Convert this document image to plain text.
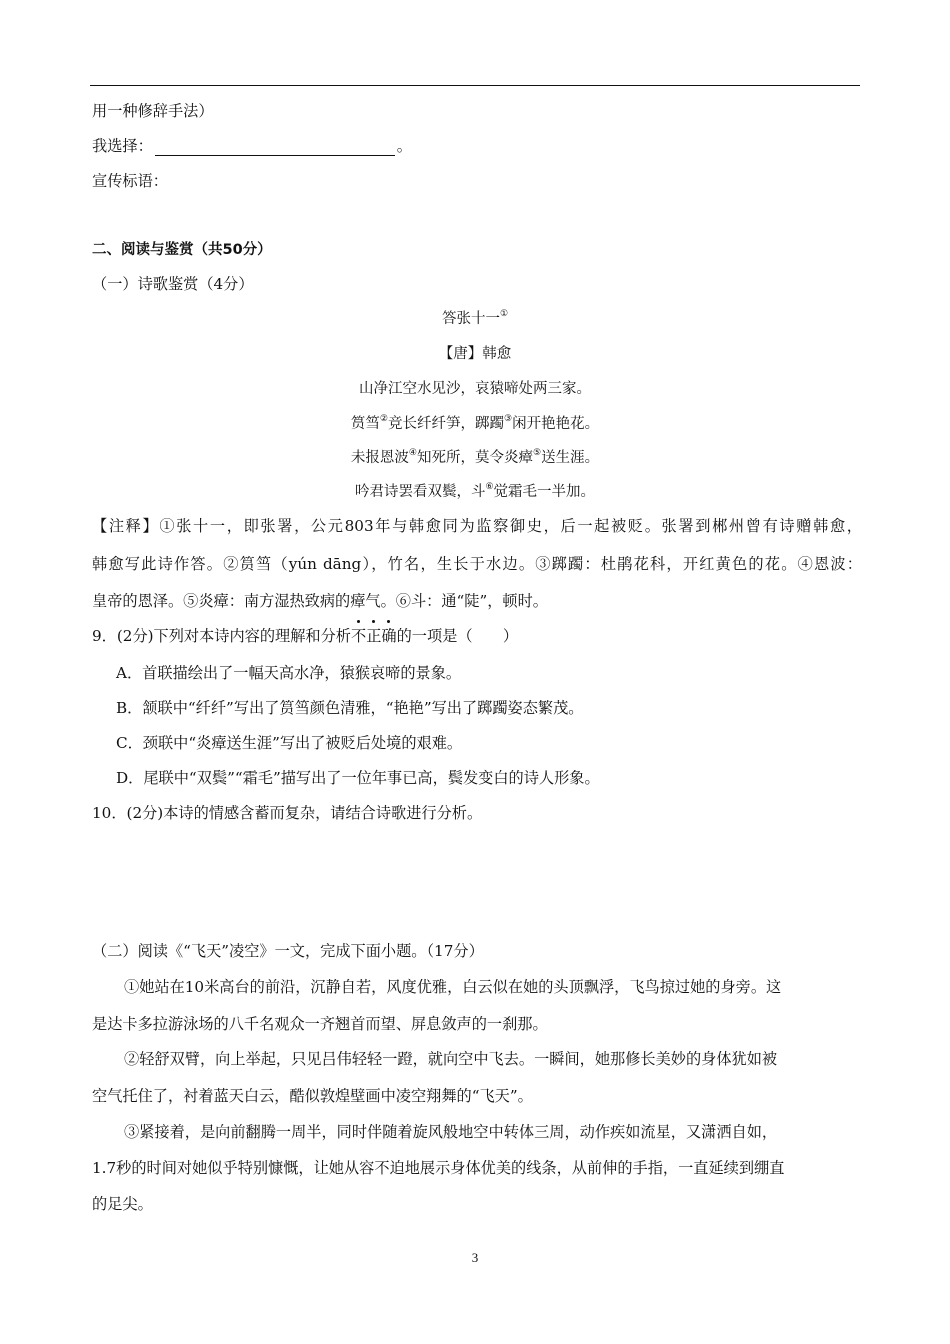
用一种修辞手法）
我选择：	。
宣传标语：
二、阅读与鉴赏（共50分）
（一）诗歌鉴赏（4分）
答张十一①
【唐】韩愈
山净江空水见沙，哀猿啼处两三家。
筼筜②竞长纤纤笋，踯躅③闲开艳艳花。
未报恩波④知死所，莫令炎瘴⑤送生涯。
吟君诗罢看双鬓，斗⑥觉霜毛一半加。
【注释】①张十一，即张署，公元803年与韩愈同为监察御史，后一起被贬。张署到郴州曾有诗赠韩愈，
韩愈写此诗作答。②筼筜（yún dāng），竹名，生长于水边。③踯躅：杜鹃花科，开红黄色的花。④恩波：
皇帝的恩泽。⑤炎瘴：南方湿热致病的瘴气。⑥斗：通“陡”，顿时。
9．(2分)下列对本诗内容的理解和分析不正确的一项是（　　）
A．首联描绘出了一幅天高水净，猿猴哀啼的景象。
B．颔联中“纤纤”写出了筼筜颜色清雅，“艳艳”写出了踯躅姿态繁茂。
C．颈联中“炎瘴送生涯”写出了被贬后处境的艰难。
D．尾联中“双鬓”“霜毛”描写出了一位年事已高，鬓发变白的诗人形象。
10．(2分)本诗的情感含蓄而复杂，请结合诗歌进行分析。
（二）阅读《“飞天”凌空》一文，完成下面小题。（17分）
①她站在10米高台的前沿，沉静自若，风度优雅，白云似在她的头顶飘浮，飞鸟掠过她的身旁。这
是达卡多拉游泳场的八千名观众一齐翘首而望、屏息敛声的一刹那。
②轻舒双臂，向上举起，只见吕伟轻轻一蹬，就向空中飞去。一瞬间，她那修长美妙的身体犹如被
空气托住了，衬着蓝天白云，酷似敦煌壁画中凌空翔舞的“飞天”。
③紧接着，是向前翻腾一周半，同时伴随着旋风般地空中转体三周，动作疾如流星，又潇洒自如，
1.7秒的时间对她似乎特别慷慨，让她从容不迫地展示身体优美的线条，从前伸的手指，一直延续到绷直
的足尖。
3
